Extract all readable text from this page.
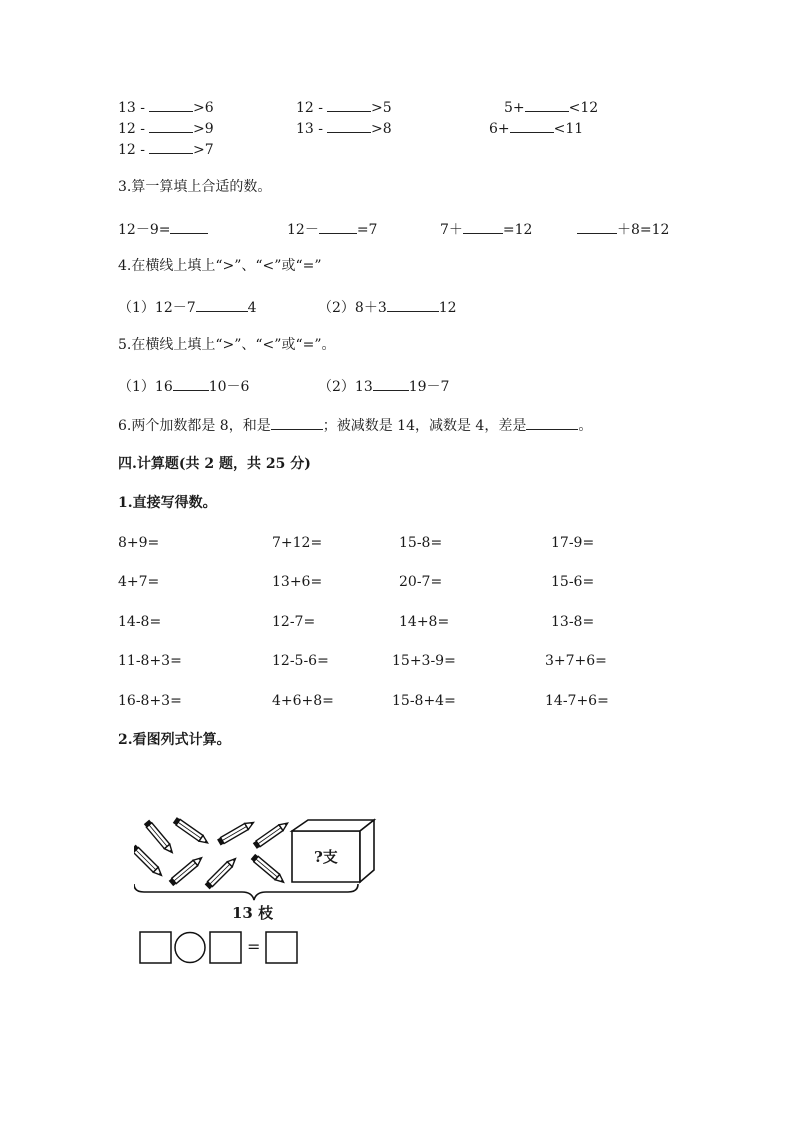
13 -	>6	12 -	>5	5+	<12
12 -	>9	13 -	>8	6+	<11
12 -	>7
3.算一算填上合适的数。
12－9=	12－	=7	7＋	=12	＋8=12
4.在横线上填上“>”、“<”或“=”
（1）12－7	4	（2）8＋3	12
5.在横线上填上“>”、“<”或“=”。
（1）16	10－6	（2）13	19－7
6.两个加数都是 8，和是	；被减数是 14，减数是 4，差是	。
四.计算题(共 2 题，共 25 分)
1.直接写得数。
8+9=	7+12=	15-8=	17-9=
4+7=	13+6=	20-7=	15-6=
14-8=	12-7=	14+8=	13-8=
11-8+3=	12-5-6=	15+3-9=	3+7+6=
16-8+3=	4+6+8=	15-8+4=	14-7+6=
2.看图列式计算。
?支
13 枝
=
